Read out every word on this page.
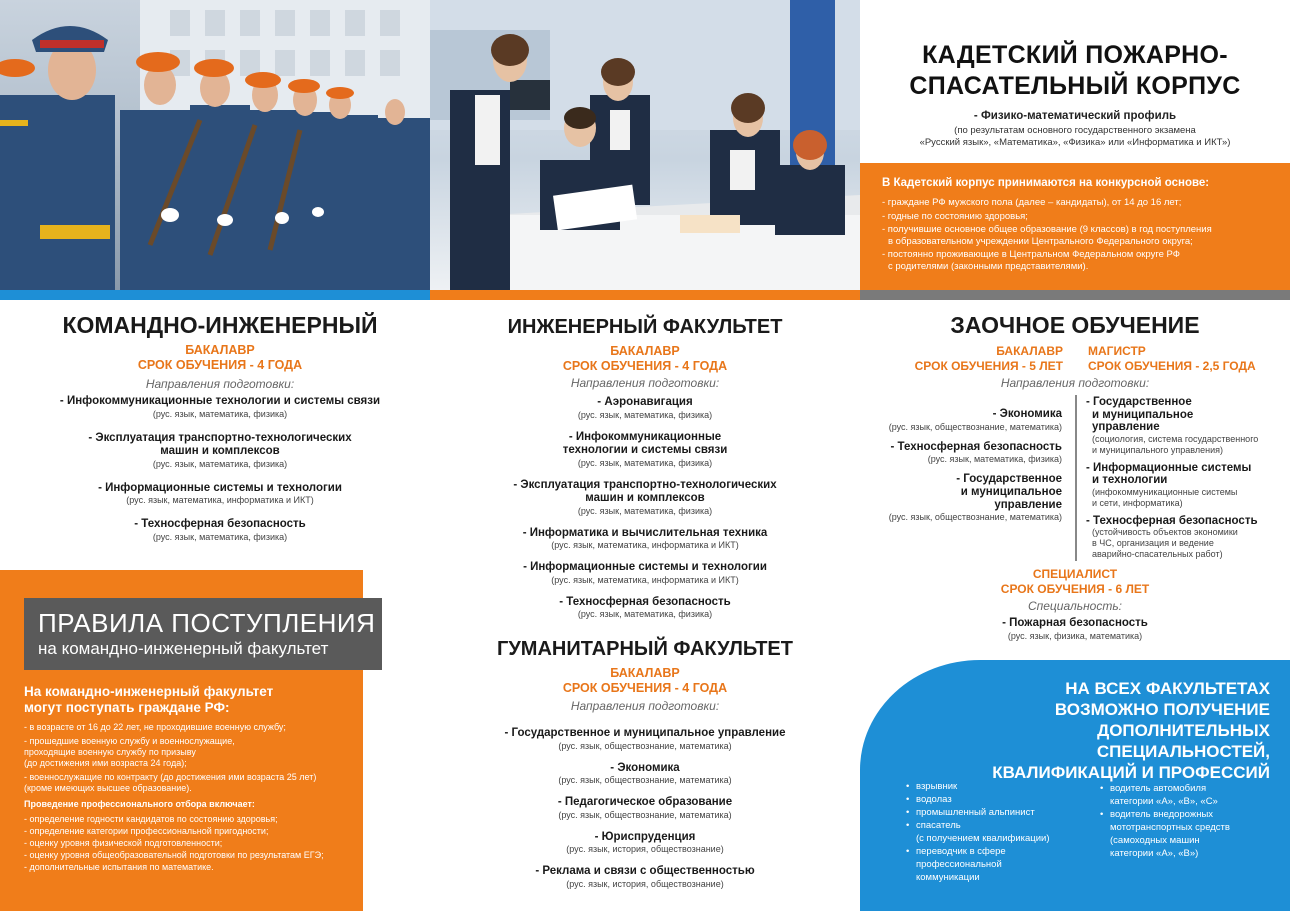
КАДЕТСКИЙ ПОЖАРНО-
СПАСАТЕЛЬНЫЙ КОРПУС
- Физико-математический профиль
(по результатам основного государственного экзамена
«Русский язык», «Математика», «Физика» или «Информатика и ИКТ»)
В Кадетский корпус принимаются на конкурсной основе:
- граждане РФ мужского пола (далее – кандидаты), от 14 до 16 лет;
- годные по состоянию здоровья;
- получившие основное общее образование (9 классов) в год поступления
в образовательном учреждении Центрального Федерального округа;
- постоянно проживающие в Центральном Федеральном округе РФ
с родителями (законными представителями).
КОМАНДНО-ИНЖЕНЕРНЫЙ
БАКАЛАВР
СРОК ОБУЧЕНИЯ - 4 ГОДА
Направления подготовки:
- Инфокоммуникационные технологии и системы связи
(рус. язык, математика, физика)
- Эксплуатация транспортно-технологических
машин и комплексов
(рус. язык, математика, физика)
- Информационные системы и технологии
(рус. язык, математика, информатика и ИКТ)
- Техносферная безопасность
(рус. язык, математика, физика)
ПРАВИЛА ПОСТУПЛЕНИЯ
на командно-инженерный факультет
На командно-инженерный факультет
могут поступать граждане РФ:
- в возрасте от 16 до 22 лет, не проходившие военную службу;
- прошедшие военную службу и военнослужащие,
проходящие военную службу по призыву
(до достижения ими возраста 24 года);
- военнослужащие по контракту (до достижения ими возраста 25 лет)
(кроме имеющих высшее образование).
Проведение профессионального отбора включает:
- определение годности кандидатов по состоянию здоровья;
- определение категории профессиональной пригодности;
- оценку уровня физической подготовленности;
- оценку уровня общеобразовательной подготовки по результатам ЕГЭ;
- дополнительные испытания по математике.
ИНЖЕНЕРНЫЙ ФАКУЛЬТЕТ
БАКАЛАВР
СРОК ОБУЧЕНИЯ - 4 ГОДА
Направления подготовки:
- Аэронавигация
(рус. язык, математика, физика)
- Инфокоммуникационные
технологии и системы связи
(рус. язык, математика, физика)
- Эксплуатация транспортно-технологических
машин и комплексов
(рус. язык, математика, физика)
- Информатика и вычислительная техника
(рус. язык, математика, информатика и ИКТ)
- Информационные системы и технологии
(рус. язык, математика, информатика и ИКТ)
- Техносферная безопасность
(рус. язык, математика, физика)
ГУМАНИТАРНЫЙ ФАКУЛЬТЕТ
БАКАЛАВР
СРОК ОБУЧЕНИЯ - 4 ГОДА
Направления подготовки:
- Государственное и муниципальное управление
(рус. язык, обществознание, математика)
- Экономика
(рус. язык, обществознание, математика)
- Педагогическое образование
(рус. язык, обществознание, математика)
- Юриспруденция
(рус. язык, история, обществознание)
- Реклама и связи с общественностью
(рус. язык, история, обществознание)
ЗАОЧНОЕ ОБУЧЕНИЕ
БАКАЛАВР
СРОК ОБУЧЕНИЯ - 5 ЛЕТ
МАГИСТР
СРОК ОБУЧЕНИЯ - 2,5 ГОДА
Направления подготовки:
- Экономика
(рус. язык, обществознание, математика)
- Техносферная безопасность
(рус. язык, математика, физика)
- Государственное
и муниципальное
управление
(рус. язык, обществознание, математика)
- Государственное
и муниципальное
управление
(социология, система государственного
и муниципального управления)
- Информационные системы
и технологии
(инфокоммуникационные системы
и сети, информатика)
- Техносферная безопасность
(устойчивость объектов экономики
в ЧС, организация и ведение
аварийно-спасательных работ)
СПЕЦИАЛИСТ
СРОК ОБУЧЕНИЯ - 6 ЛЕТ
Специальность:
- Пожарная безопасность
(рус. язык, физика, математика)
НА ВСЕХ ФАКУЛЬТЕТАХ
ВОЗМОЖНО ПОЛУЧЕНИЕ
ДОПОЛНИТЕЛЬНЫХ СПЕЦИАЛЬНОСТЕЙ,
КВАЛИФИКАЦИЙ И ПРОФЕССИЙ
• взрывник
• водолаз
• промышленный альпинист
• спасатель
(с получением квалификации)
• переводчик в сфере
профессиональной
коммуникации
• водитель автомобиля
категории «А», «В», «С»
• водитель внедорожных
мототранспортных средств
(самоходных машин
категории «А», «В»)
